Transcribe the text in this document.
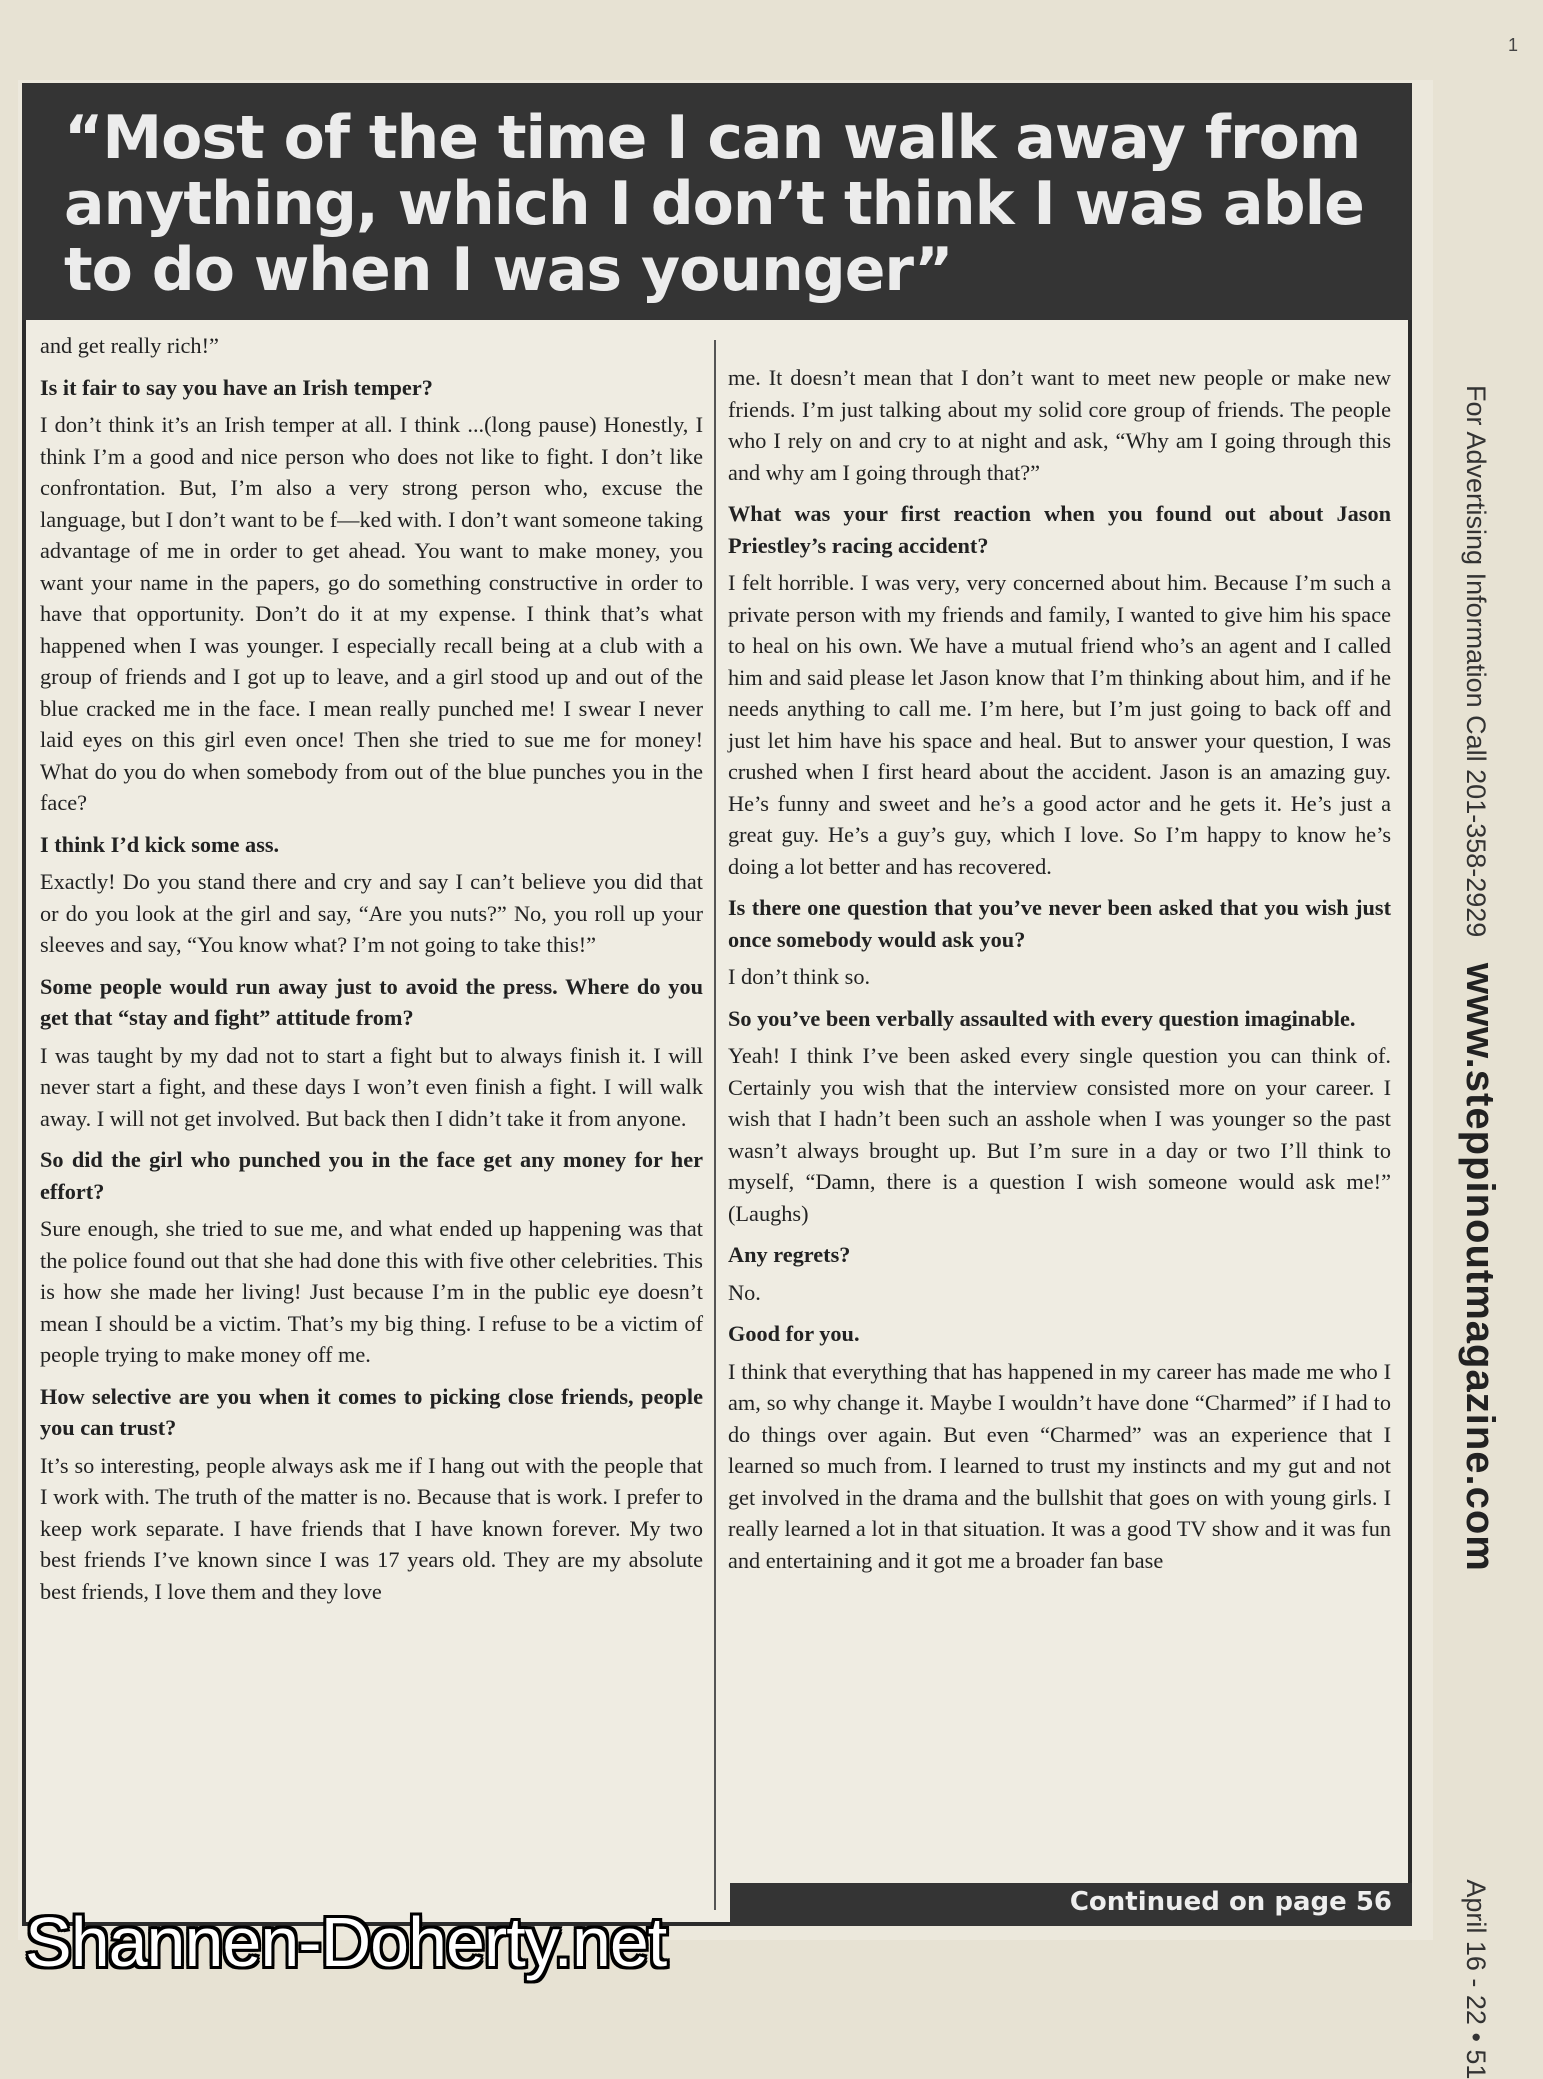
1
“Most of the time I can walk away from anything, which I don’t think I was able to do when I was younger”

and get really rich!”

Is it fair to say you have an Irish temper?

I don’t think it’s an Irish temper at all. I think ...(long pause) Honestly, I think I’m a good and nice person who does not like to fight. I don’t like confrontation. But, I’m also a very strong person who, excuse the language, but I don’t want to be f—ked with. I don’t want someone taking advantage of me in order to get ahead. You want to make money, you want your name in the papers, go do something constructive in order to have that opportunity. Don’t do it at my expense. I think that’s what happened when I was younger. I especially recall being at a club with a group of friends and I got up to leave, and a girl stood up and out of the blue cracked me in the face. I mean really punched me! I swear I never laid eyes on this girl even once! Then she tried to sue me for money! What do you do when somebody from out of the blue punches you in the face?

I think I’d kick some ass.

Exactly! Do you stand there and cry and say I can’t believe you did that or do you look at the girl and say, “Are you nuts?” No, you roll up your sleeves and say, “You know what? I’m not going to take this!”

Some people would run away just to avoid the press. Where do you get that “stay and fight” attitude from?

I was taught by my dad not to start a fight but to always finish it. I will never start a fight, and these days I won’t even finish a fight. I will walk away. I will not get involved. But back then I didn’t take it from anyone.

So did the girl who punched you in the face get any money for her effort?

Sure enough, she tried to sue me, and what ended up happening was that the police found out that she had done this with five other celebrities. This is how she made her living! Just because I’m in the public eye doesn’t mean I should be a victim. That’s my big thing. I refuse to be a victim of people trying to make money off me.

How selective are you when it comes to picking close friends, people you can trust?

It’s so interesting, people always ask me if I hang out with the people that I work with. The truth of the matter is no. Because that is work. I prefer to keep work separate. I have friends that I have known forever. My two best friends I’ve known since I was 17 years old. They are my absolute best friends, I love them and they love

me. It doesn’t mean that I don’t want to meet new people or make new friends. I’m just talking about my solid core group of friends. The people who I rely on and cry to at night and ask, “Why am I going through this and why am I going through that?”

What was your first reaction when you found out about Jason Priestley’s racing accident?

I felt horrible. I was very, very concerned about him. Because I’m such a private person with my friends and family, I wanted to give him his space to heal on his own. We have a mutual friend who’s an agent and I called him and said please let Jason know that I’m thinking about him, and if he needs anything to call me. I’m here, but I’m just going to back off and just let him have his space and heal. But to answer your question, I was crushed when I first heard about the accident. Jason is an amazing guy. He’s funny and sweet and he’s a good actor and he gets it. He’s just a great guy. He’s a guy’s guy, which I love. So I’m happy to know he’s doing a lot better and has recovered.

Is there one question that you’ve never been asked that you wish just once somebody would ask you?

I don’t think so.

So you’ve been verbally assaulted with every question imaginable.

Yeah! I think I’ve been asked every single question you can think of. Certainly you wish that the interview consisted more on your career. I wish that I hadn’t been such an asshole when I was younger so the past wasn’t always brought up. But I’m sure in a day or two I’ll think to myself, “Damn, there is a question I wish someone would ask me!” (Laughs)

Any regrets?

No.

Good for you.

I think that everything that has happened in my career has made me who I am, so why change it. Maybe I wouldn’t have done “Charmed” if I had to do things over again. But even “Charmed” was an experience that I learned so much from. I learned to trust my instincts and my gut and not get involved in the drama and the bullshit that goes on with young girls. I really learned a lot in that situation. It was a good TV show and it was fun and entertaining and it got me a broader fan base

For Advertising Information Call 201-358-2929 www.steppinoutmagazine.com April 16 - 22 • 51
Continued on page 56
Shannen-Doherty.net
